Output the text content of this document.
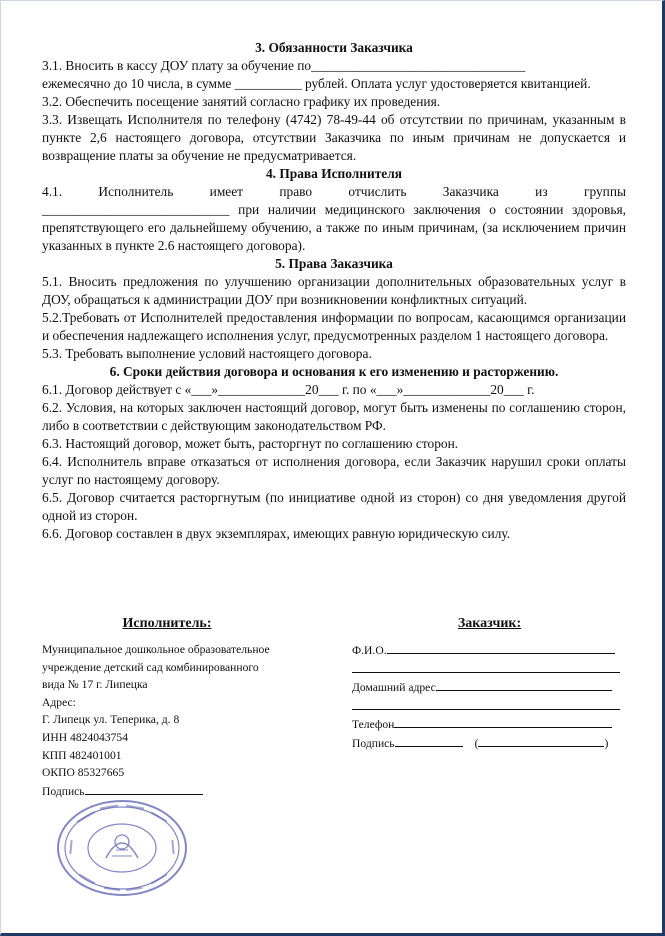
3. Обязанности Заказчика

3.1. Вносить в кассу ДОУ плату за обучение по________________________________

ежемесячно до 10 числа, в сумме __________ рублей. Оплата услуг удостоверяется квитанцией.

3.2. Обеспечить посещение занятий согласно графику их проведения.

3.3. Извещать Исполнителя по телефону (4742) 78-49-44 об отсутствии по причинам, указанным в пункте 2,6 настоящего договора, отсутствии Заказчика по иным причинам не допускается и возвращение платы за обучение не предусматривается.

4. Права Исполнителя

4.1. Исполнитель имеет право отчислить Заказчика из группы

____________________________ при наличии медицинского заключения о состоянии здоровья, препятствующего его дальнейшему обучению, а также по иным причинам, (за исключением причин указанных в пункте 2.6 настоящего договора).

5. Права Заказчика

5.1. Вносить предложения по улучшению организации дополнительных образовательных услуг в ДОУ, обращаться к администрации ДОУ при возникновении конфликтных ситуаций.

5.2.Требовать от Исполнителей предоставления информации по вопросам, касающимся организации и обеспечения надлежащего исполнения услуг, предусмотренных разделом 1 настоящего договора.

5.3. Требовать выполнение условий настоящего договора.

6. Сроки действия договора и основания к его изменению и расторжению.

6.1. Договор действует с «___»_____________20___ г. по «___»_____________20___ г.

6.2. Условия, на которых заключен настоящий договор, могут быть изменены по соглашению сторон, либо в соответствии с действующим законодательством РФ.

6.3. Настоящий договор, может быть, расторгнут по соглашению сторон.

6.4. Исполнитель вправе отказаться от исполнения договора, если Заказчик нарушил сроки оплаты услуг по настоящему договору.

6.5. Договор считается расторгнутым (по инициативе одной из сторон) со дня уведомления другой одной из сторон.

6.6. Договор составлен в двух экземплярах, имеющих равную юридическую силу.

Исполнитель:
Муниципальное дошкольное образовательное
учреждение детский сад комбинированного
вида № 17 г. Липецка
Адрес:
Г. Липецк ул. Теперика, д. 8
ИНН 4824043754
КПП 482401001
ОКПО 85327665
Подпись
Заказчик:
Ф.И.О.
Домашний адрес
Телефон
Подпись	(	)
